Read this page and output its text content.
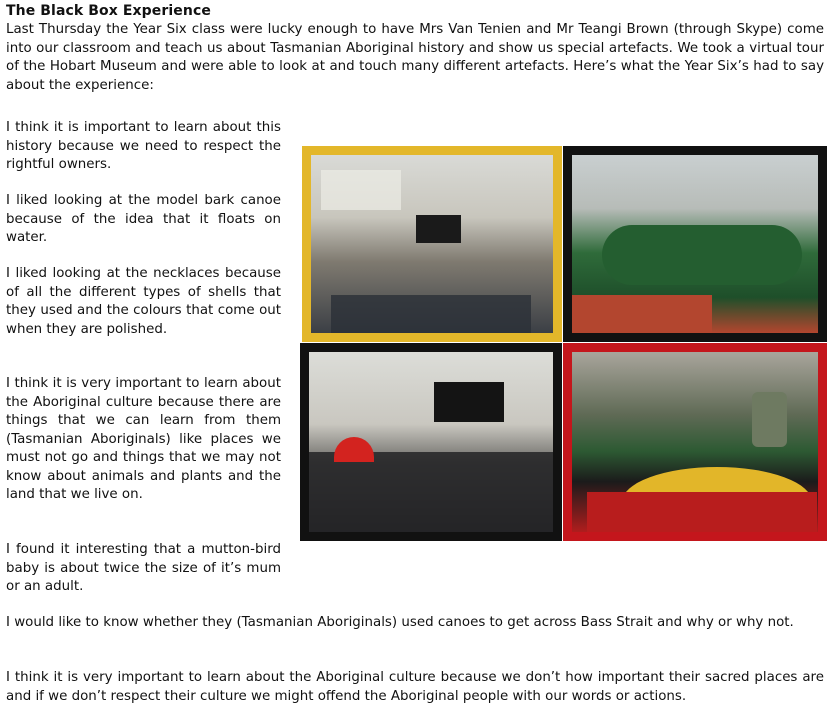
The Black Box Experience
Last Thursday the Year Six class were lucky enough to have Mrs Van Tenien and Mr Teangi Brown (through Skype) come into our classroom and teach us about Tasmanian Aboriginal history and show us special artefacts. We took a virtual tour of the Hobart Museum and were able to look at and touch many different artefacts. Here’s what the Year Six’s had to say about the experience:
I think it is important to learn about this history because we need to respect the rightful owners.
I liked looking at the model bark canoe because of the idea that it floats on water.
I liked looking at the necklaces because of all the different types of shells that they used and the colours that come out when they are polished.
I think it is very important to learn about the Aboriginal culture because there are things that we can learn from them (Tasmanian Aboriginals) like places we must not go and things that we may not know about animals and plants and the land that we live on.
I found it interesting that a mutton-bird baby is about twice the size of it’s mum or an adult.
I would like to know whether they (Tasmanian Aboriginals) used canoes to get across Bass Strait and why or why not.
I think it is very important to learn about the Aboriginal culture because we don’t how important their sacred places are and if we don’t respect their culture we might offend the Aboriginal people with our words or actions.
